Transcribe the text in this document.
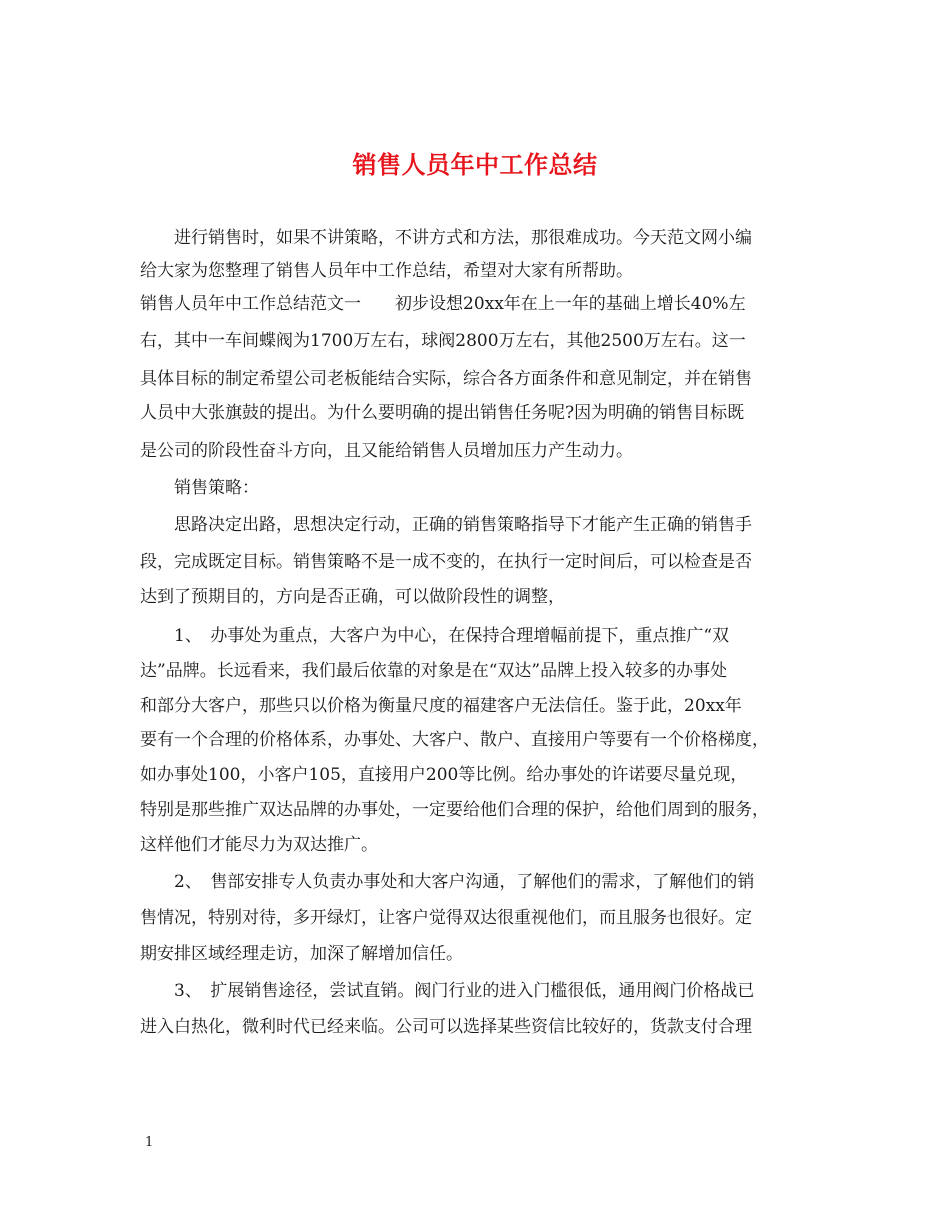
销售人员年中工作总结
　　进行销售时，如果不讲策略，不讲方式和方法，那很难成功。今天范文网小编
给大家为您整理了销售人员年中工作总结，希望对大家有所帮助。
销售人员年中工作总结范文一　　初步设想20xx年在上一年的基础上增长40%左
右，其中一车间蝶阀为1700万左右，球阀2800万左右，其他2500万左右。这一
具体目标的制定希望公司老板能结合实际，综合各方面条件和意见制定，并在销售
人员中大张旗鼓的提出。为什么要明确的提出销售任务呢?因为明确的销售目标既
是公司的阶段性奋斗方向，且又能给销售人员增加压力产生动力。
　　销售策略：
　　思路决定出路，思想决定行动，正确的销售策略指导下才能产生正确的销售手
段，完成既定目标。销售策略不是一成不变的，在执行一定时间后，可以检查是否
达到了预期目的，方向是否正确，可以做阶段性的调整，
　　1、　办事处为重点，大客户为中心，在保持合理增幅前提下，重点推广“双
达”品牌。长远看来，我们最后依靠的对象是在“双达”品牌上投入较多的办事处
和部分大客户，那些只以价格为衡量尺度的福建客户无法信任。鉴于此，20xx年
要有一个合理的价格体系，办事处、大客户、散户、直接用户等要有一个价格梯度，
如办事处100，小客户105，直接用户200等比例。给办事处的许诺要尽量兑现，
特别是那些推广双达品牌的办事处，一定要给他们合理的保护，给他们周到的服务，
这样他们才能尽力为双达推广。
　　2、　售部安排专人负责办事处和大客户沟通，了解他们的需求，了解他们的销
售情况，特别对待，多开绿灯，让客户觉得双达很重视他们，而且服务也很好。定
期安排区域经理走访，加深了解增加信任。
　　3、　扩展销售途径，尝试直销。阀门行业的进入门槛很低，通用阀门价格战已
进入白热化，微利时代已经来临。公司可以选择某些资信比较好的，货款支付合理
1
